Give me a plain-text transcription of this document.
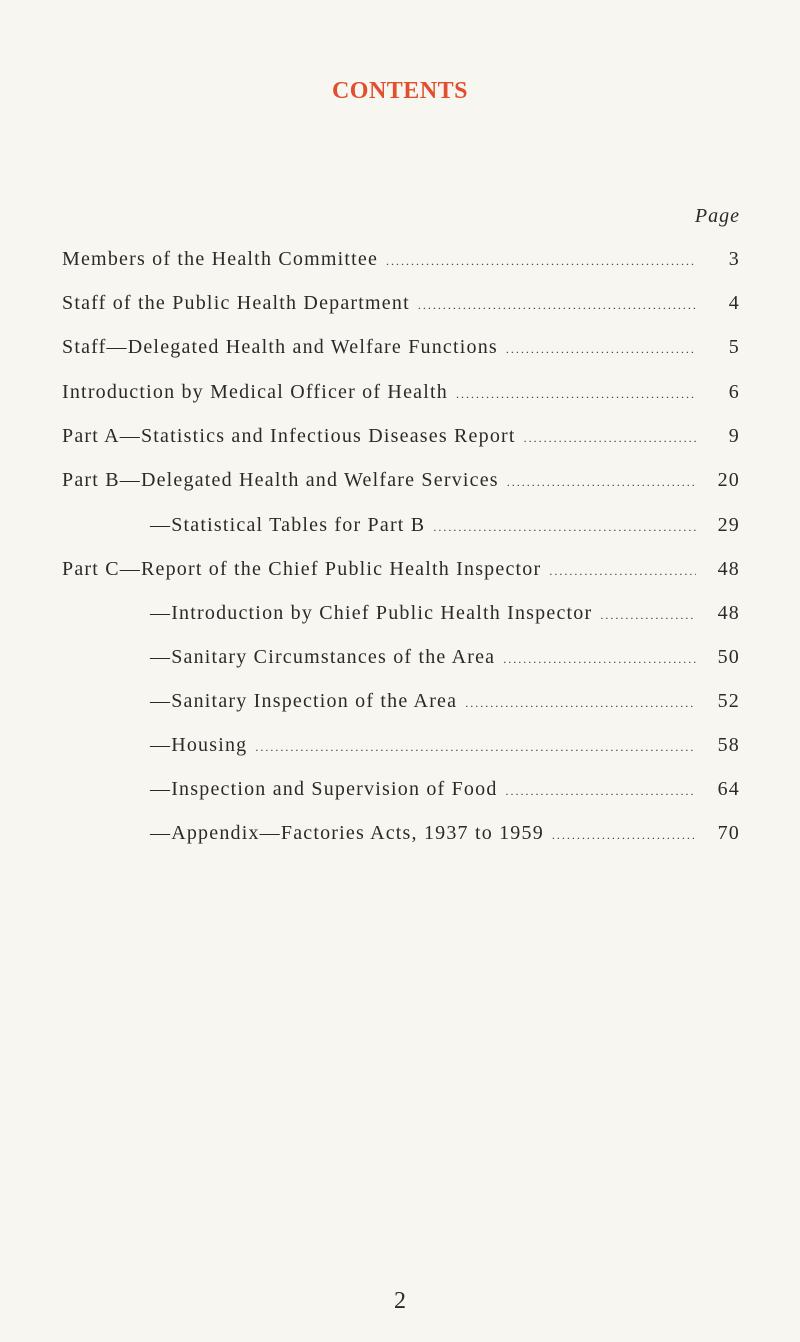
CONTENTS
Page
Members of the Health Committee .....	3
Staff of the Public Health Department .....	4
Staff—Delegated Health and Welfare Functions .....	5
Introduction by Medical Officer of Health .....	6
Part A—Statistics and Infectious Diseases Report .....	9
Part B—Delegated Health and Welfare Services .....	20
—Statistical Tables for Part B .....	29
Part C—Report of the Chief Public Health Inspector .....	48
—Introduction by Chief Public Health Inspector .....	48
—Sanitary Circumstances of the Area .....	50
—Sanitary Inspection of the Area .....	52
—Housing .....	58
—Inspection and Supervision of Food .....	64
—Appendix—Factories Acts, 1937 to 1959 .....	70
2
